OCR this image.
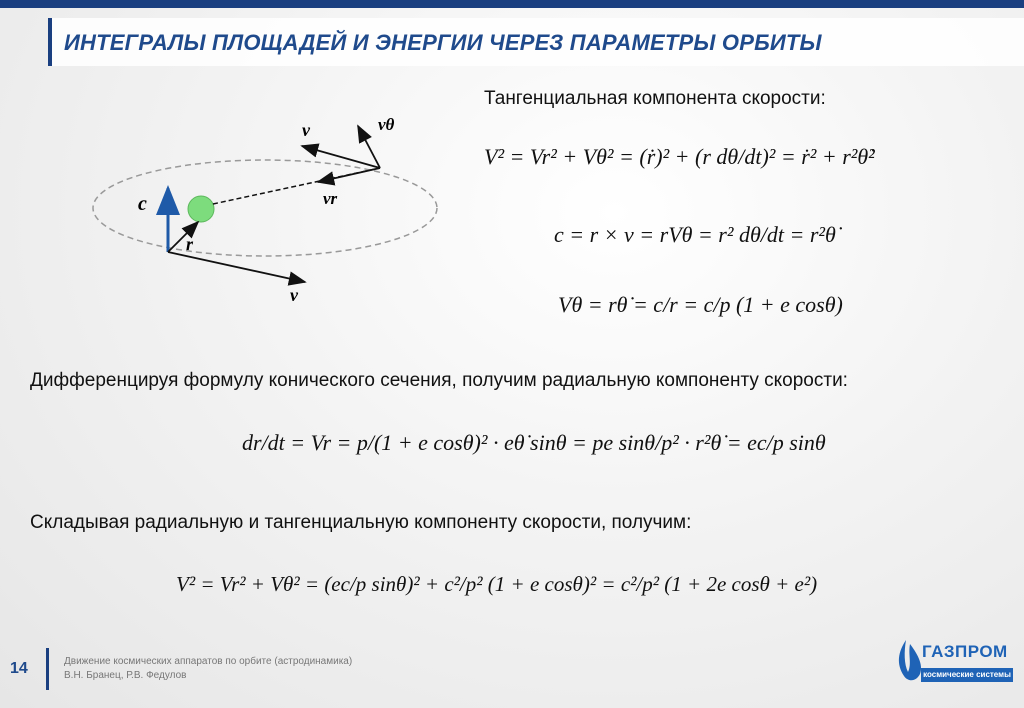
ИНТЕГРАЛЫ ПЛОЩАДЕЙ И ЭНЕРГИИ ЧЕРЕЗ ПАРАМЕТРЫ ОРБИТЫ
c
r
v	vθ
vr
v
Тангенциальная компонента скорости:
V² = Vr² + Vθ² = (ṙ)² + (r dθ/dt)² = ṙ² + r²θ̇²
c = r × v = rVθ = r² dθ/dt = r²θ̇
Vθ = rθ̇ = c/r = c/p (1 + e cosθ)
Дифференцируя формулу конического сечения, получим радиальную компоненту скорости:
dr/dt = Vr = p/(1 + e cosθ)² · eθ̇ sinθ = pe sinθ/p² · r²θ̇ = ec/p sinθ
Складывая радиальную и тангенциальную компоненту скорости, получим:
V² = Vr² + Vθ² = (ec/p sinθ)² + c²/p² (1 + e cosθ)² = c²/p² (1 + 2e cosθ + e²)
14	Движение космических аппаратов по орбите (астродинамика)
В.Н. Бранец, Р.В. Федулов
ГАЗПРОМ
космические системы
